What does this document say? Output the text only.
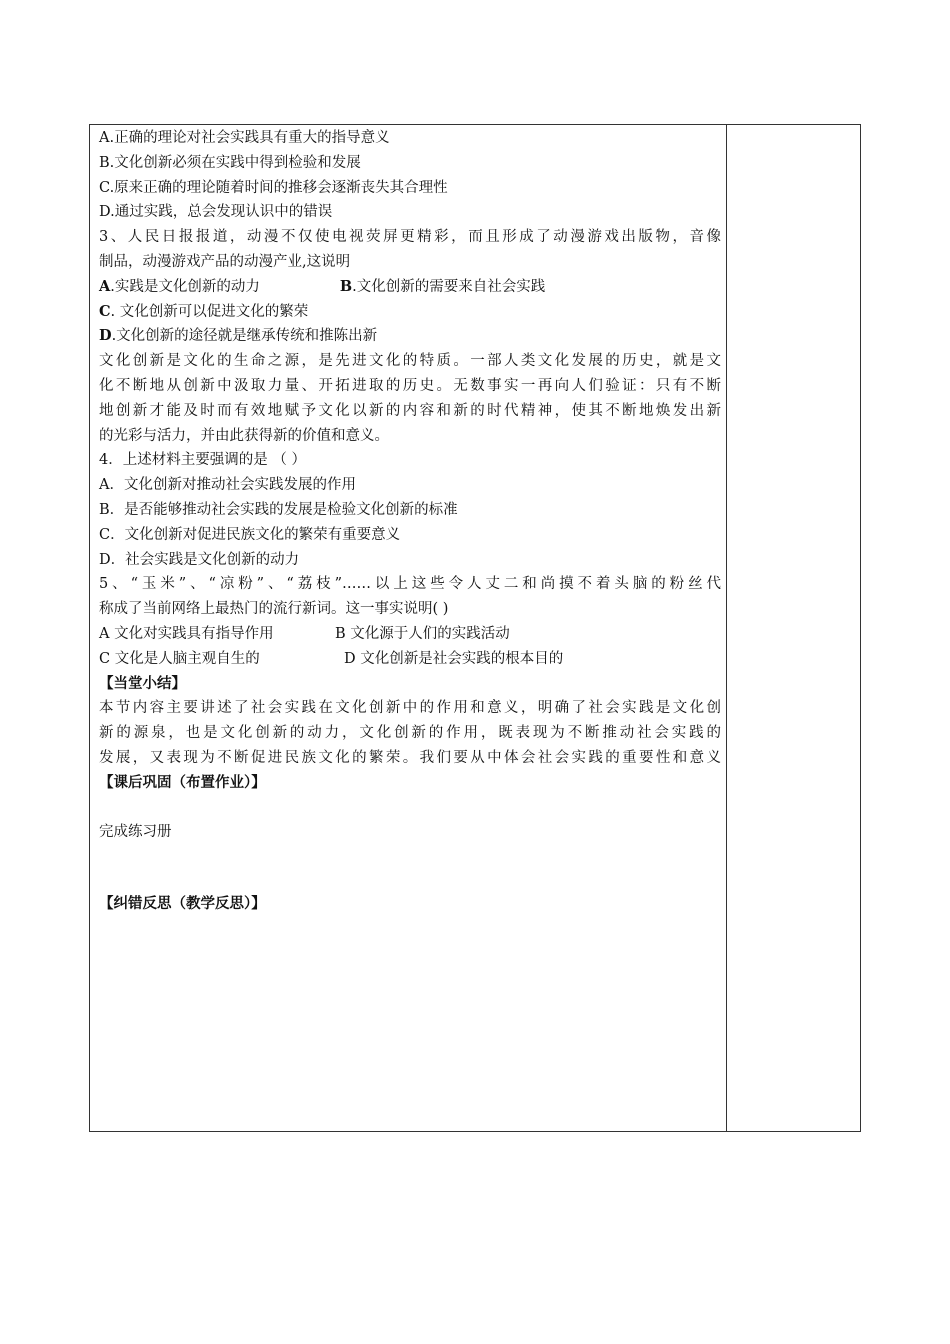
A.正确的理论对社会实践具有重大的指导意义
B.文化创新必须在实践中得到检验和发展
C.原来正确的理论随着时间的推移会逐渐丧失其合理性
D.通过实践，总会发现认识中的错误
3、人民日报报道，动漫不仅使电视荧屏更精彩，而且形成了动漫游戏出版物，音像
制品，动漫游戏产品的动漫产业,这说明
A.实践是文化创新的动力	B.文化创新的需要来自社会实践
C. 文化创新可以促进文化的繁荣
D.文化创新的途径就是继承传统和推陈出新
文化创新是文化的生命之源，是先进文化的特质。一部人类文化发展的历史，就是文
化不断地从创新中汲取力量、开拓进取的历史。无数事实一再向人们验证：只有不断
地创新才能及时而有效地赋予文化以新的内容和新的时代精神，使其不断地焕发出新
的光彩与活力，并由此获得新的价值和意义。
4．上述材料主要强调的是 （ ）
A．文化创新对推动社会实践发展的作用
B．是否能够推动社会实践的发展是检验文化创新的标准
C．文化创新对促进民族文化的繁荣有重要意义
D．社会实践是文化创新的动力
5、“玉米”、“凉粉”、“荔枝”……以上这些令人丈二和尚摸不着头脑的粉丝代
称成了当前网络上最热门的流行新词。这一事实说明( )
A 文化对实践具有指导作用	B 文化源于人们的实践活动
C 文化是人脑主观自生的	D 文化创新是社会实践的根本目的
【当堂小结】
本节内容主要讲述了社会实践在文化创新中的作用和意义，明确了社会实践是文化创
新的源泉，也是文化创新的动力，文化创新的作用，既表现为不断推动社会实践的
发展，又表现为不断促进民族文化的繁荣。我们要从中体会社会实践的重要性和意义
【课后巩固（布置作业）】
完成练习册
【纠错反思（教学反思）】
